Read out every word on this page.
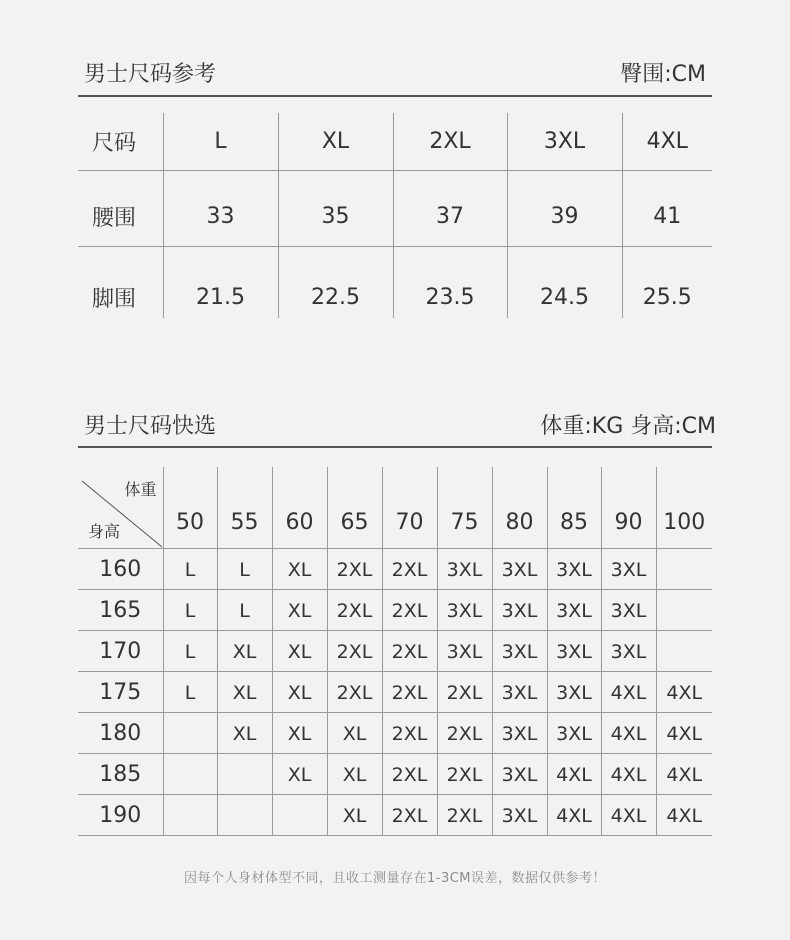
男士尺码参考	臀围:CM
尺码	L	XL	2XL	3XL	4XL
腰围	33	35	37	39	41
脚围	21.5	22.5	23.5	24.5	25.5
男士尺码快选	体重:KG 身高:CM
体重
身高	50	55	60	65	70	75	80	85	90	100
160	L	L	XL	2XL	2XL	3XL	3XL	3XL	3XL	
165	L	L	XL	2XL	2XL	3XL	3XL	3XL	3XL	
170	L	XL	XL	2XL	2XL	3XL	3XL	3XL	3XL	
175	L	XL	XL	2XL	2XL	2XL	3XL	3XL	4XL	4XL
180		XL	XL	XL	2XL	2XL	3XL	3XL	4XL	4XL
185			XL	XL	2XL	2XL	3XL	4XL	4XL	4XL
190				XL	2XL	2XL	3XL	4XL	4XL	4XL
因每个人身材体型不同，且收工测量存在1-3CM误差，数据仅供参考！
